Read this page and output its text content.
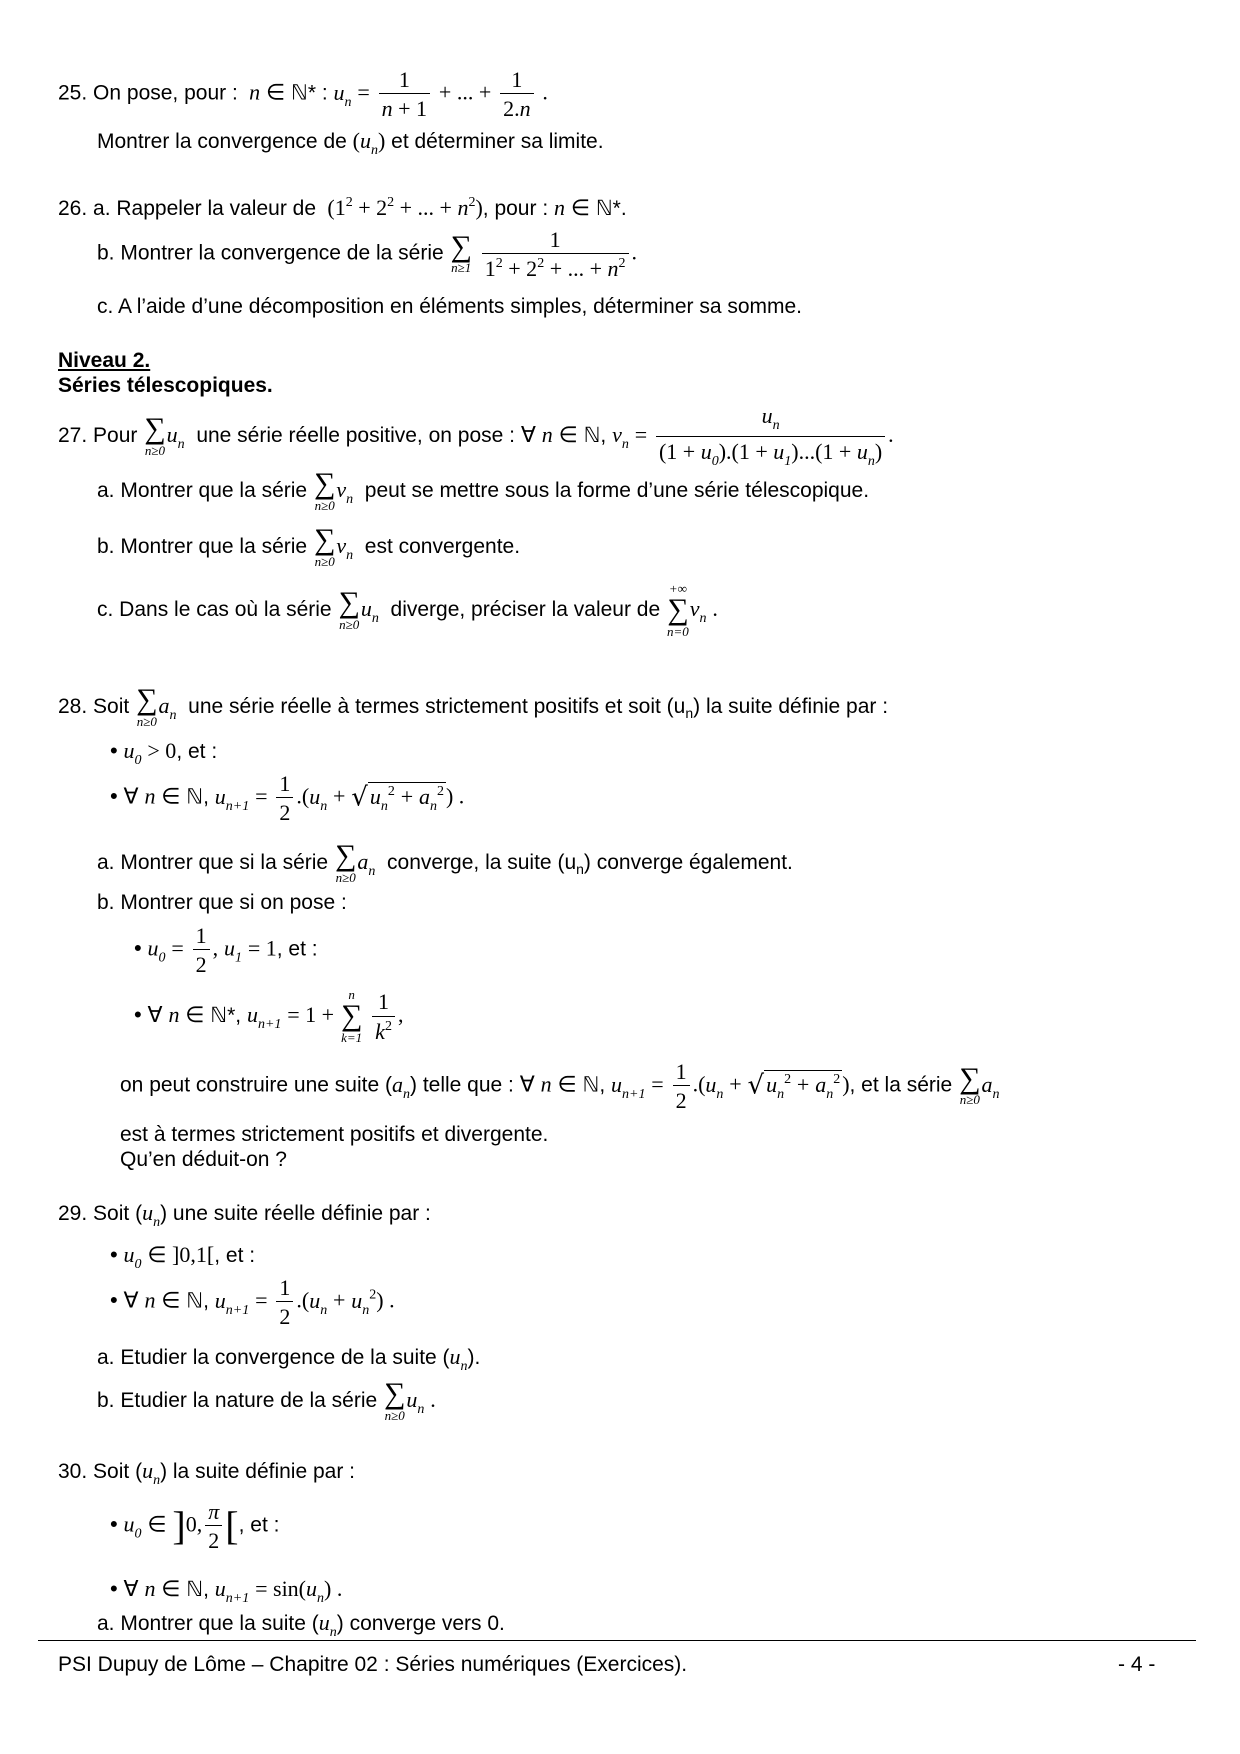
25. On pose, pour :  n ∈ ℕ* : $u_n = \frac{1}{n + 1}$ + ... + $\frac{1}{2.n}$ .
Montrer la convergence de $(u_n)$ et déterminer sa limite.
26. a. Rappeler la valeur de  ($1^2 + 2^2$ + ... + $n^2$), pour : n ∈ ℕ*.
b. Montrer la convergence de la série ∑
n≥1
$\frac{1}{1^2 + 2^2 + ... + n^2}$ .
c. A l’aide d’une décomposition en éléments simples, déterminer sa somme.
Niveau 2.
Séries télescopiques.
27. Pour ∑
n≥0
$u_n$ une série réelle positive, on pose : ∀ n ∈ ℕ, $v_n = \frac{u_n}{(1 + u_0).(1 + u_1)...(1 + u_n)}$ .
a. Montrer que la série ∑
n≥0
$v_n$ peut se mettre sous la forme d’une série télescopique.
b. Montrer que la série ∑
n≥0
$v_n$ est convergente.
c. Dans le cas où la série ∑
n≥0
$u_n$ diverge, préciser la valeur de
+∞
∑
n=0
$v_n$ .
28. Soit ∑
n≥0
$a_n$ une série réelle à termes strictement positifs et soit $(u_n)$ la suite définie par :
• $u_0 > 0$, et :
• ∀ n ∈ ℕ, $u_{n+1} = \frac{1}{2} .(u_n + √u_n^2 + a_n^2)$ .
a. Montrer que si la série ∑
n≥0
$a_n$ converge, la suite $(u_n)$ converge également.
b. Montrer que si on pose :
• $u_0 = \frac{1}{2}$ , $u_1 = 1$, et :
• ∀ n ∈ ℕ*, $u_{n+1} = 1$ +
n
∑
k=1
$\frac{1}{k^2}$ ,
on peut construire une suite $(a_n)$ telle que : ∀ n ∈ ℕ, $u_{n+1} = \frac{1}{2} .(u_n + √u_n^2 + a_n^2)$, et la série ∑
n≥0
$a_n$
est à termes strictement positifs et divergente.
Qu’en déduit-on ?
29. Soit $(u_n)$ une suite réelle définie par :
• $u_0$ ∈ ]0,1[, et :
• ∀ n ∈ ℕ, $u_{n+1} = \frac{1}{2} .(u_n + u_n^2)$ .
a. Etudier la convergence de la suite $(u_n)$.
b. Etudier la nature de la série ∑
n≥0
$u_n$ .
30. Soit $(u_n)$ la suite définie par :
• $u_0$ ∈ ]0, $\frac{\pi}{2}$ [, et :
• ∀ n ∈ ℕ, $u_{n+1} = \sin(u_n)$ .
a. Montrer que la suite $(u_n)$ converge vers 0.
PSI Dupuy de Lôme – Chapitre 02 : Séries numériques (Exercices).	- 4 -
